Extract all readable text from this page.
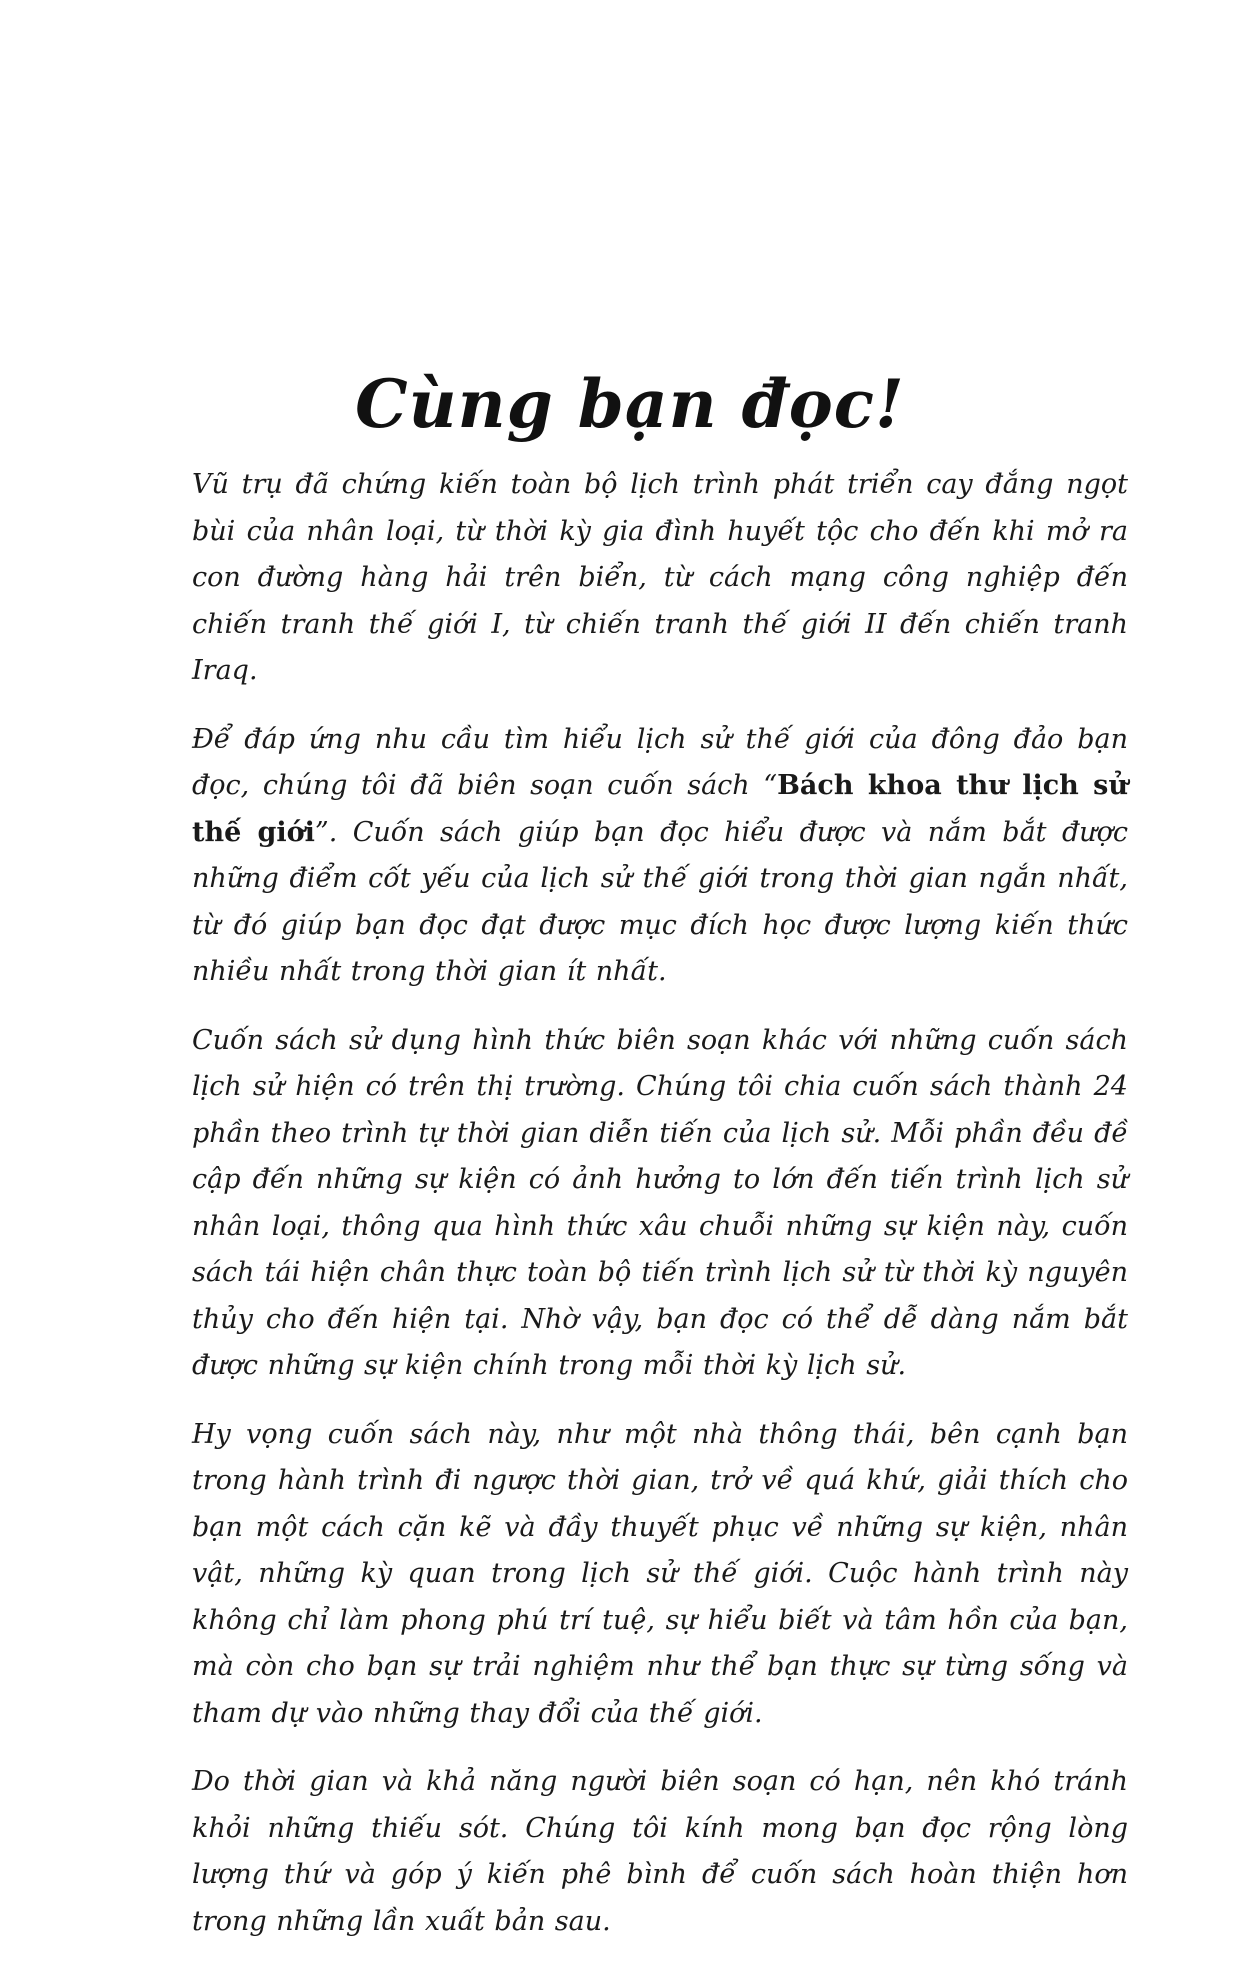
Cùng bạn đọc!

Vũ trụ đã chứng kiến toàn bộ lịch trình phát triển cay đắng ngọt bùi của nhân loại, từ thời kỳ gia đình huyết tộc cho đến khi mở ra con đường hàng hải trên biển, từ cách mạng công nghiệp đến chiến tranh thế giới I, từ chiến tranh thế giới II đến chiến tranh Iraq.

Để đáp ứng nhu cầu tìm hiểu lịch sử thế giới của đông đảo bạn đọc, chúng tôi đã biên soạn cuốn sách “Bách khoa thư lịch sử thế giới”. Cuốn sách giúp bạn đọc hiểu được và nắm bắt được những điểm cốt yếu của lịch sử thế giới trong thời gian ngắn nhất, từ đó giúp bạn đọc đạt được mục đích học được lượng kiến thức nhiều nhất trong thời gian ít nhất.

Cuốn sách sử dụng hình thức biên soạn khác với những cuốn sách lịch sử hiện có trên thị trường. Chúng tôi chia cuốn sách thành 24 phần theo trình tự thời gian diễn tiến của lịch sử. Mỗi phần đều đề cập đến những sự kiện có ảnh hưởng to lớn đến tiến trình lịch sử nhân loại, thông qua hình thức xâu chuỗi những sự kiện này, cuốn sách tái hiện chân thực toàn bộ tiến trình lịch sử từ thời kỳ nguyên thủy cho đến hiện tại. Nhờ vậy, bạn đọc có thể dễ dàng nắm bắt được những sự kiện chính trong mỗi thời kỳ lịch sử.

Hy vọng cuốn sách này, như một nhà thông thái, bên cạnh bạn trong hành trình đi ngược thời gian, trở về quá khứ, giải thích cho bạn một cách cặn kẽ và đầy thuyết phục về những sự kiện, nhân vật, những kỳ quan trong lịch sử thế giới. Cuộc hành trình này không chỉ làm phong phú trí tuệ, sự hiểu biết và tâm hồn của bạn, mà còn cho bạn sự trải nghiệm như thể bạn thực sự từng sống và tham dự vào những thay đổi của thế giới.

Do thời gian và khả năng người biên soạn có hạn, nên khó tránh khỏi những thiếu sót. Chúng tôi kính mong bạn đọc rộng lòng lượng thứ và góp ý kiến phê bình để cuốn sách hoàn thiện hơn trong những lần xuất bản sau.
